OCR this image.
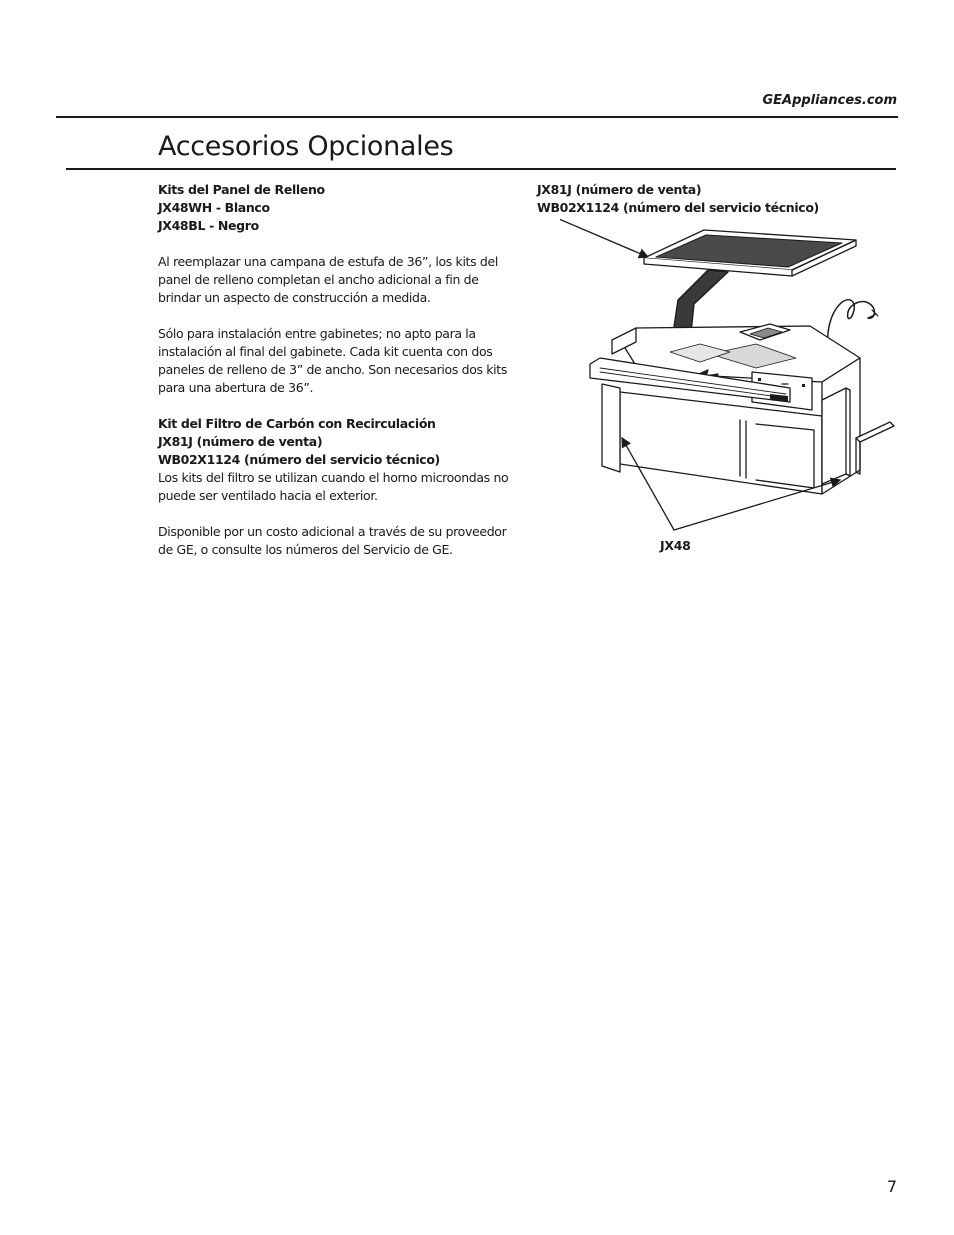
GEAppliances.com
Accesorios Opcionales

Kits del Panel de Relleno
JX48WH - Blanco
JX48BL - Negro

Al reemplazar una campana de estufa de 36”, los kits del panel de relleno completan el ancho adicional a fin de brindar un aspecto de construcción a medida.

Sólo para instalación entre gabinetes; no apto para la instalación al final del gabinete. Cada kit cuenta con dos paneles de relleno de 3” de ancho. Son necesarios dos kits para una abertura de 36”.

Kit del Filtro de Carbón con Recirculación
JX81J (número de venta)
WB02X1124 (número del servicio técnico)
Los kits del filtro se utilizan cuando el horno microondas no puede ser ventilado hacia el exterior.

Disponible por un costo adicional a través de su proveedor de GE, o consulte los números del Servicio de GE.

JX81J (número de venta)
WB02X1124 (número del servicio técnico)
JX48
7
